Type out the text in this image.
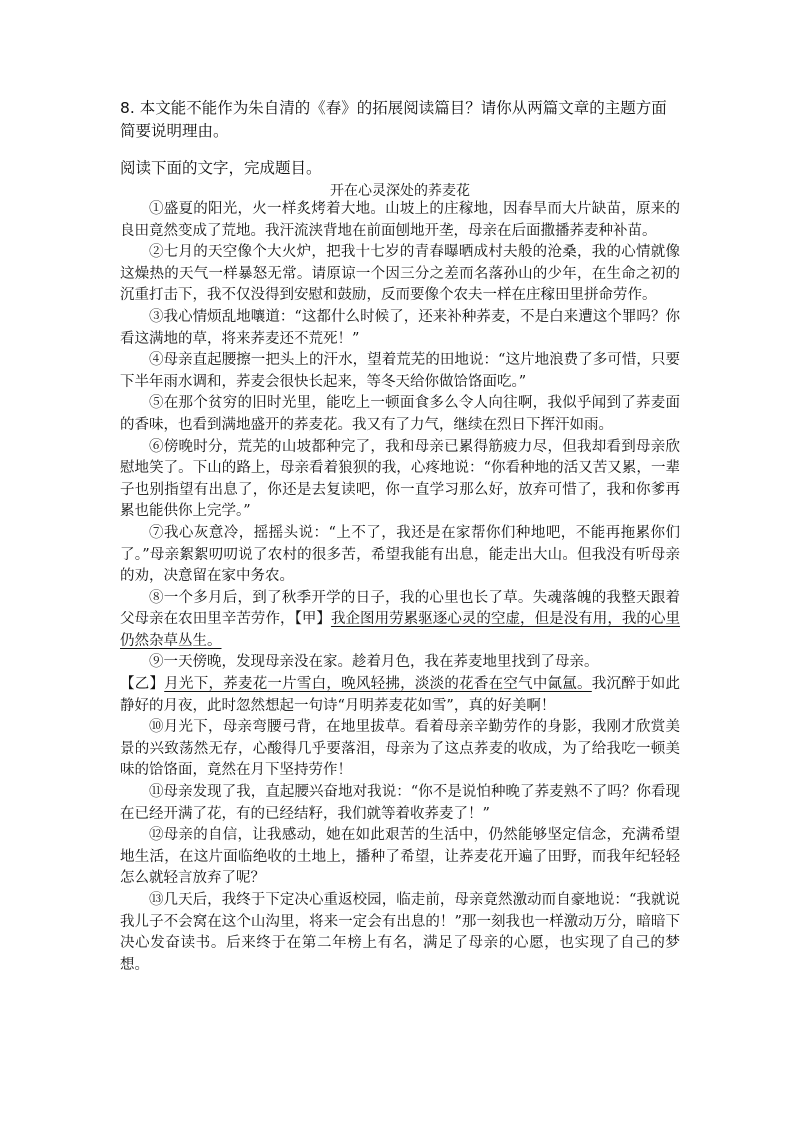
8. 本文能不能作为朱自清的《春》的拓展阅读篇目？请你从两篇文章的主题方面简要说明理由。

阅读下面的文字，完成题目。

开在心灵深处的荞麦花

①盛夏的阳光，火一样炙烤着大地。山坡上的庄稼地，因春旱而大片缺苗，原来的良田竟然变成了荒地。我汗流浃背地在前面刨地开垄，母亲在后面撒播荞麦种补苗。

②七月的天空像个大火炉，把我十七岁的青春曝晒成村夫般的沧桑，我的心情就像这燥热的天气一样暴怒无常。请原谅一个因三分之差而名落孙山的少年，在生命之初的沉重打击下，我不仅没得到安慰和鼓励，反而要像个农夫一样在庄稼田里拼命劳作。

③我心情烦乱地嚷道：“这都什么时候了，还来补种荞麦，不是白来遭这个罪吗？你看这满地的草，将来荞麦还不荒死！”

④母亲直起腰擦一把头上的汗水，望着荒芜的田地说：“这片地浪费了多可惜，只要下半年雨水调和，荞麦会很快长起来，等冬天给你做饸饹面吃。”

⑤在那个贫穷的旧时光里，能吃上一顿面食多么令人向往啊，我似乎闻到了荞麦面的香味，也看到满地盛开的荞麦花。我又有了力气，继续在烈日下挥汗如雨。

⑥傍晚时分，荒芜的山坡都种完了，我和母亲已累得筋疲力尽，但我却看到母亲欣慰地笑了。下山的路上，母亲看着狼狈的我，心疼地说：“你看种地的活又苦又累，一辈子也别指望有出息了，你还是去复读吧，你一直学习那么好，放弃可惜了，我和你爹再累也能供你上完学。”

⑦我心灰意冷，摇摇头说：“上不了，我还是在家帮你们种地吧，不能再拖累你们了。”母亲絮絮叨叨说了农村的很多苦，希望我能有出息，能走出大山。但我没有听母亲的劝，决意留在家中务农。

⑧一个多月后，到了秋季开学的日子，我的心里也长了草。失魂落魄的我整天跟着父母亲在农田里辛苦劳作，【甲】我企图用劳累驱逐心灵的空虚，但是没有用，我的心里仍然杂草丛生。

⑨一天傍晚，发现母亲没在家。趁着月色，我在荞麦地里找到了母亲。

【乙】月光下，荞麦花一片雪白，晚风轻拂，淡淡的花香在空气中氤氲。我沉醉于如此静好的月夜，此时忽然想起一句诗“月明荞麦花如雪”，真的好美啊！

⑩月光下，母亲弯腰弓背，在地里拔草。看着母亲辛勤劳作的身影，我刚才欣赏美景的兴致荡然无存，心酸得几乎要落泪，母亲为了这点荞麦的收成，为了给我吃一顿美味的饸饹面，竟然在月下坚持劳作！

⑪母亲发现了我，直起腰兴奋地对我说：“你不是说怕种晚了荞麦熟不了吗？你看现在已经开满了花，有的已经结籽，我们就等着收荞麦了！”

⑫母亲的自信，让我感动，她在如此艰苦的生活中，仍然能够坚定信念，充满希望地生活，在这片面临绝收的土地上，播种了希望，让荞麦花开遍了田野，而我年纪轻轻怎么就轻言放弃了呢？

⑬几天后，我终于下定决心重返校园，临走前，母亲竟然激动而自豪地说：“我就说我儿子不会窝在这个山沟里，将来一定会有出息的！”那一刻我也一样激动万分，暗暗下决心发奋读书。后来终于在第二年榜上有名，满足了母亲的心愿，也实现了自己的梦想。
